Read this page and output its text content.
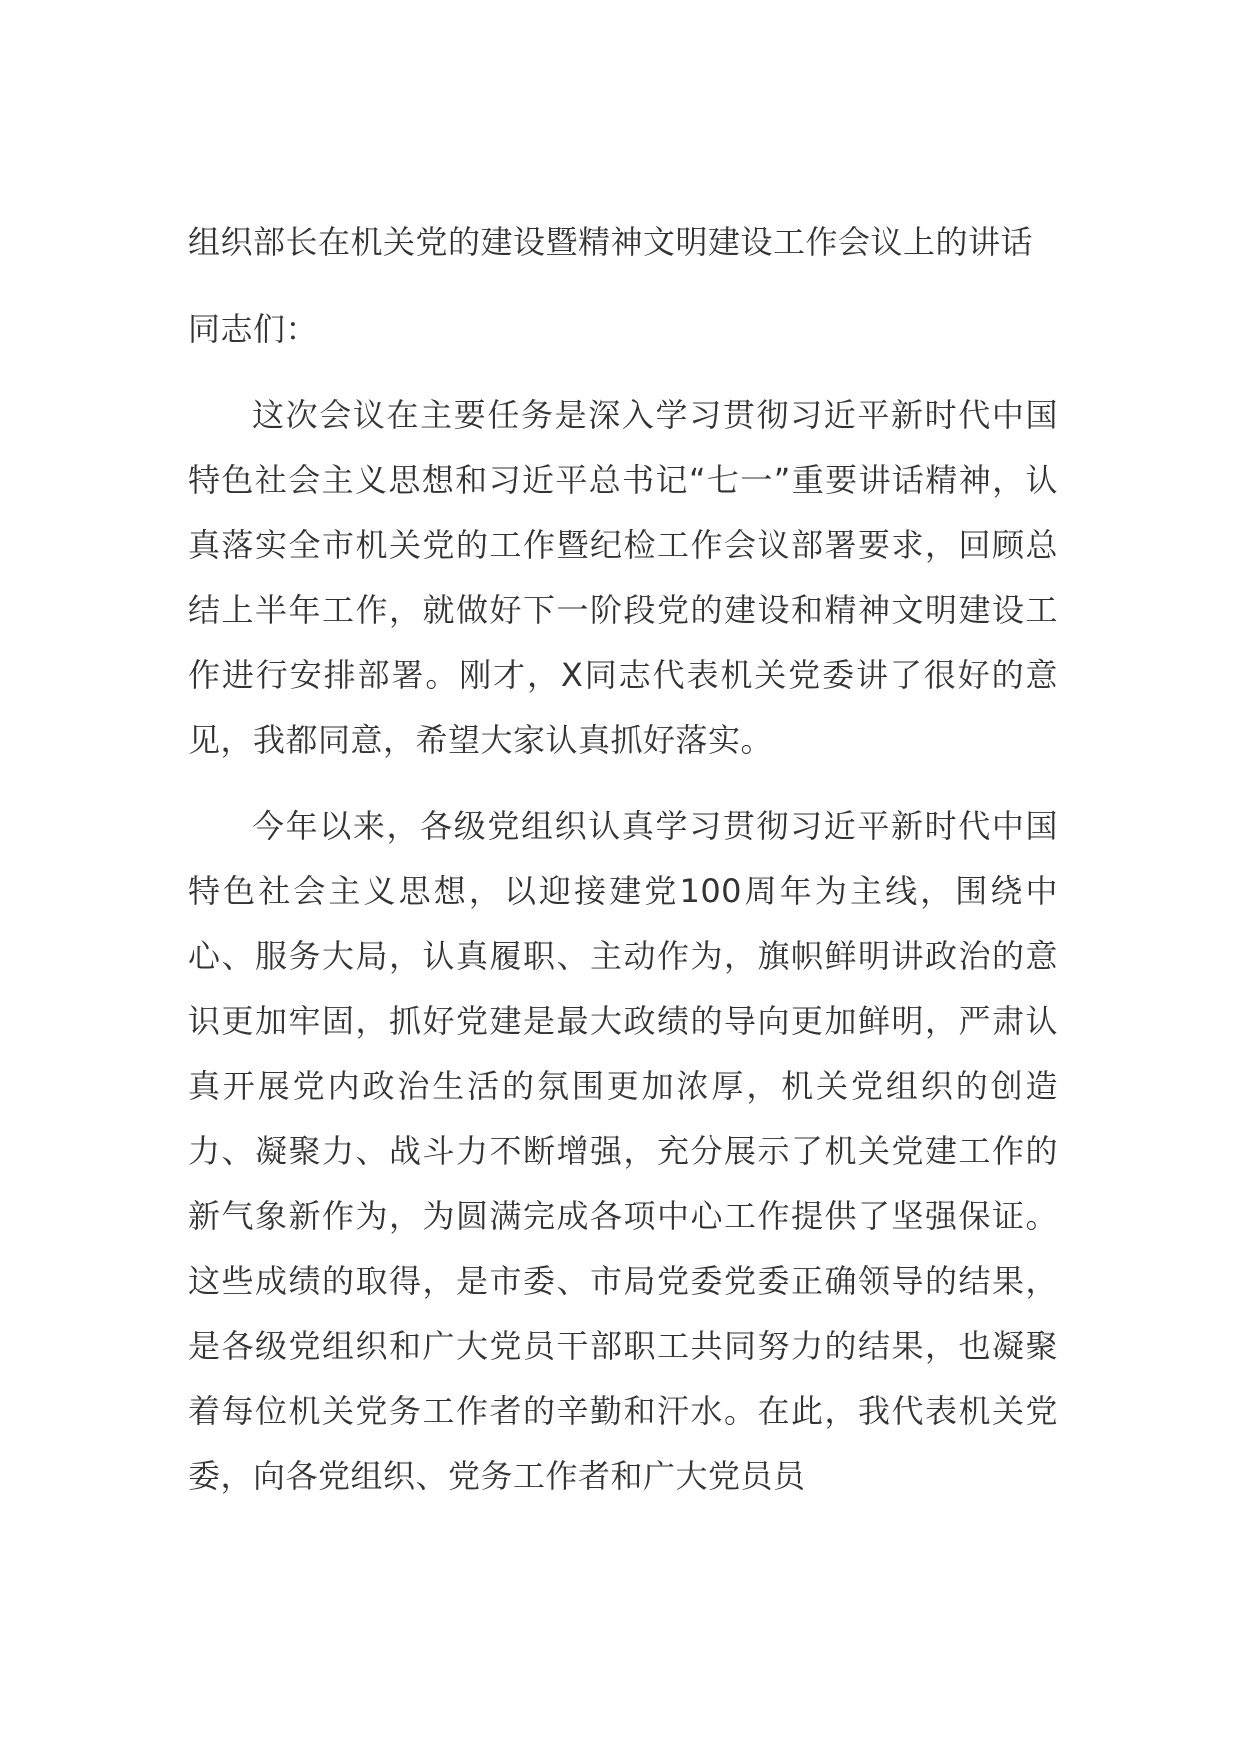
组织部长在机关党的建设暨精神文明建设工作会议上的讲话

同志们：

这次会议在主要任务是深入学习贯彻习近平新时代中国特色社会主义思想和习近平总书记“七一”重要讲话精神，认真落实全市机关党的工作暨纪检工作会议部署要求，回顾总结上半年工作，就做好下一阶段党的建设和精神文明建设工作进行安排部署。刚才，X同志代表机关党委讲了很好的意见，我都同意，希望大家认真抓好落实。

今年以来，各级党组织认真学习贯彻习近平新时代中国特色社会主义思想，以迎接建党100周年为主线，围绕中心、服务大局，认真履职、主动作为，旗帜鲜明讲政治的意识更加牢固，抓好党建是最大政绩的导向更加鲜明，严肃认真开展党内政治生活的氛围更加浓厚，机关党组织的创造力、凝聚力、战斗力不断增强，充分展示了机关党建工作的新气象新作为，为圆满完成各项中心工作提供了坚强保证。这些成绩的取得，是市委、市局党委党委正确领导的结果，是各级党组织和广大党员干部职工共同努力的结果，也凝聚着每位机关党务工作者的辛勤和汗水。在此，我代表机关党委，向各党组织、党务工作者和广大党员员
